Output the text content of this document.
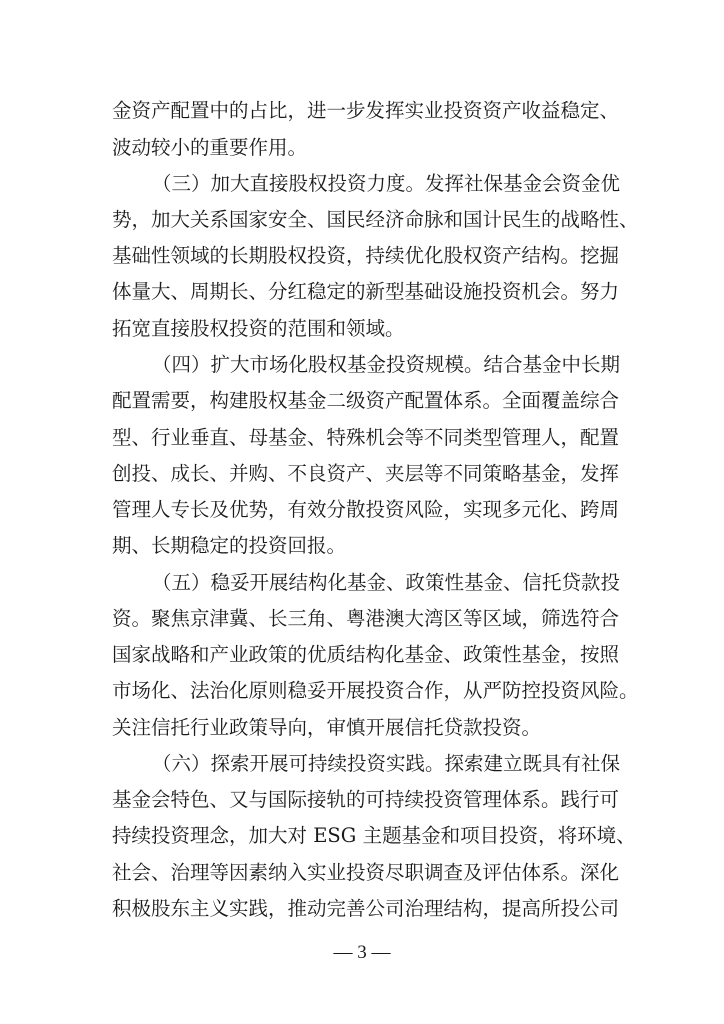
金资产配置中的占比，进一步发挥实业投资资产收益稳定、
波动较小的重要作用。
（三）加大直接股权投资力度。发挥社保基金会资金优
势，加大关系国家安全、国民经济命脉和国计民生的战略性、
基础性领域的长期股权投资，持续优化股权资产结构。挖掘
体量大、周期长、分红稳定的新型基础设施投资机会。努力
拓宽直接股权投资的范围和领域。
（四）扩大市场化股权基金投资规模。结合基金中长期
配置需要，构建股权基金二级资产配置体系。全面覆盖综合
型、行业垂直、母基金、特殊机会等不同类型管理人，配置
创投、成长、并购、不良资产、夹层等不同策略基金，发挥
管理人专长及优势，有效分散投资风险，实现多元化、跨周
期、长期稳定的投资回报。
（五）稳妥开展结构化基金、政策性基金、信托贷款投
资。聚焦京津冀、长三角、粤港澳大湾区等区域，筛选符合
国家战略和产业政策的优质结构化基金、政策性基金，按照
市场化、法治化原则稳妥开展投资合作，从严防控投资风险。
关注信托行业政策导向，审慎开展信托贷款投资。
（六）探索开展可持续投资实践。探索建立既具有社保
基金会特色、又与国际接轨的可持续投资管理体系。践行可
持续投资理念，加大对 ESG 主题基金和项目投资，将环境、
社会、治理等因素纳入实业投资尽职调查及评估体系。深化
积极股东主义实践，推动完善公司治理结构，提高所投公司
— 3 —
